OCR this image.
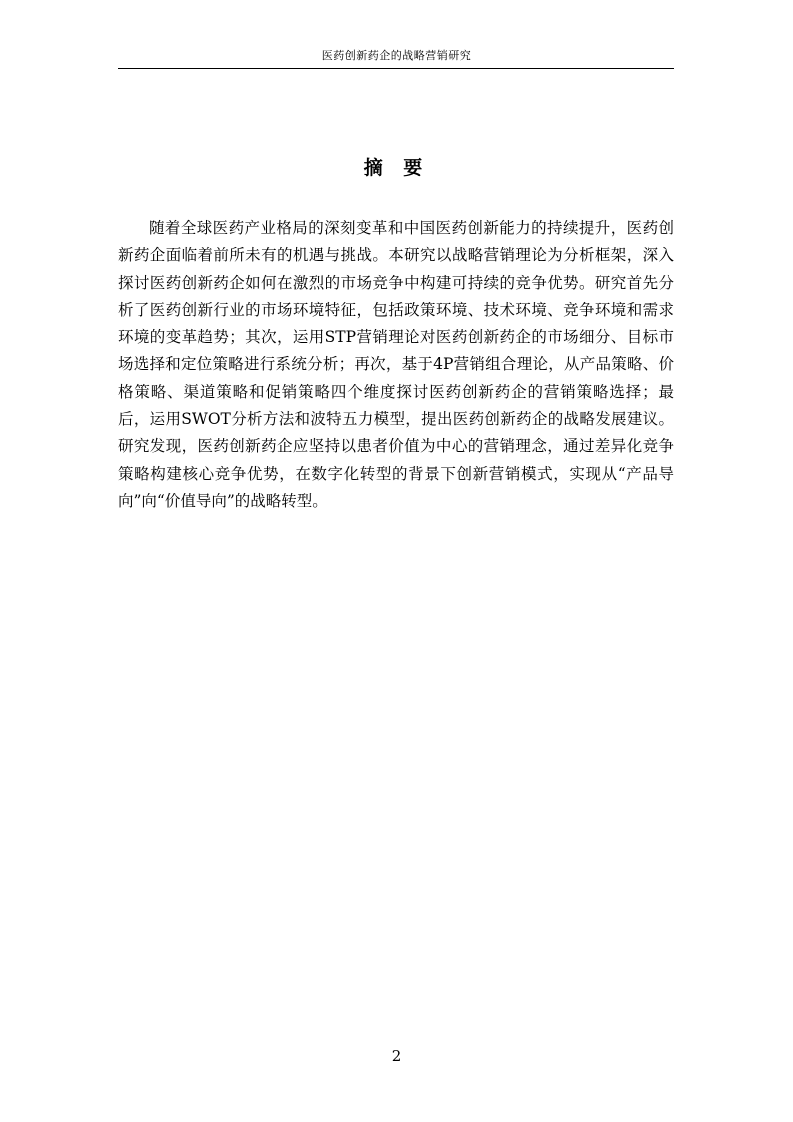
医药创新药企的战略营销研究
摘 要

随着全球医药产业格局的深刻变革和中国医药创新能力的持续提升，医药创新药企面临着前所未有的机遇与挑战。本研究以战略营销理论为分析框架，深入探讨医药创新药企如何在激烈的市场竞争中构建可持续的竞争优势。研究首先分析了医药创新行业的市场环境特征，包括政策环境、技术环境、竞争环境和需求环境的变革趋势；其次，运用STP营销理论对医药创新药企的市场细分、目标市场选择和定位策略进行系统分析；再次，基于4P营销组合理论，从产品策略、价格策略、渠道策略和促销策略四个维度探讨医药创新药企的营销策略选择；最后，运用SWOT分析方法和波特五力模型，提出医药创新药企的战略发展建议。研究发现，医药创新药企应坚持以患者价值为中心的营销理念，通过差异化竞争策略构建核心竞争优势，在数字化转型的背景下创新营销模式，实现从“产品导向”向“价值导向”的战略转型。

2
